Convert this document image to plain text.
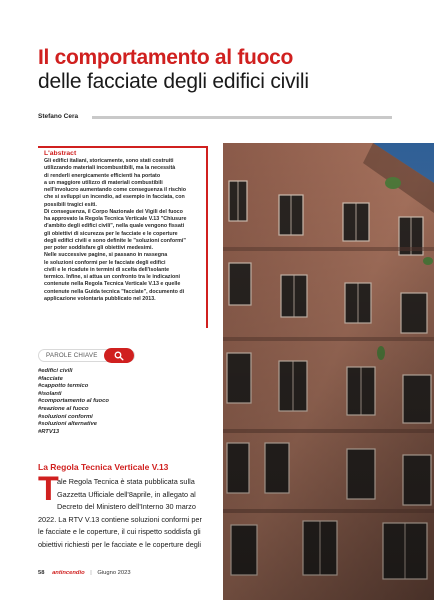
Il comportamento al fuoco
delle facciate degli edifici civili
Stefano Cera
L'abstract

Gli edifici italiani, storicamente, sono stati costruiti

utilizzando materiali incombustibili, ma la necessità

di renderli energicamente efficienti ha portato

a un maggiore utilizzo di materiali combustibili

nell'involucro aumentando come conseguenza il rischio

che si sviluppi un incendio, ad esempio in facciata, con

possibili tragici esiti.

Di conseguenza, il Corpo Nazionale dei Vigili del fuoco

ha approvato la Regola Tecnica Verticale V.13 "Chiusure

d'ambito degli edifici civili", nella quale vengono fissati

gli obiettivi di sicurezza per le facciate e le coperture

degli edifici civili e sono definite le "soluzioni conformi"

per poter soddisfare gli obiettivi medesimi.

Nelle successive pagine, si passano in rassegna

le soluzioni conformi per le facciate degli edifici

civili e le ricadute in termini di scelta dell'isolante

termico. Infine, si attua un confronto tra le indicazioni

contenute nella Regola Tecnica Verticale V.13 e quelle

contenute nella Guida tecnica "facciate", documento di

applicazione volontaria pubblicato nel 2013.

PAROLE CHIAVE
#edifici civili
#facciate
#cappotto termico
#isolanti
#comportamento al fuoco
#reazione al fuoco
#soluzioni conformi
#soluzioni alternative
#RTV13
La Regola Tecnica Verticale V.13
T
ale Regola Tecnica è stata pubblicata sulla
Gazzetta Ufficiale dell'8aprile, in allegato al
Decreto del Ministero dell'Interno 30 marzo
2022. La RTV V.13 contiene soluzioni conformi per
le facciate e le coperture, il cui rispetto soddisfa gli
obiettivi richiesti per le facciate e le coperture degli
58 antincendio | Giugno 2023
